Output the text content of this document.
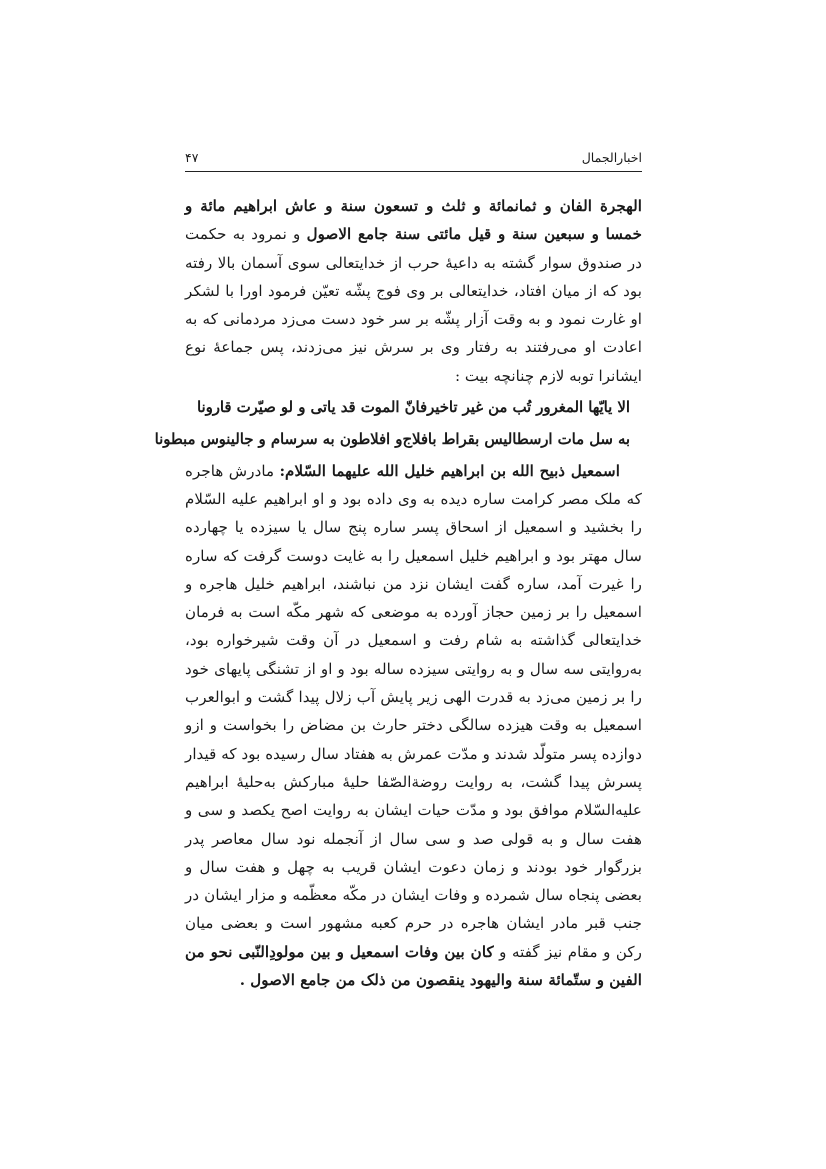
اخبارالجمال
۴۷

الهجرة الفان و ثمانمائة و ثلث و تسعون سنة و عاش ابراهیم مائة و خمسا و سبعین سنة و قیل مائتی سنة جامع الاصول و نمرود به حکمت در صندوق سوار گشته به داعیهٔ حرب از خدایتعالی سوی آسمان بالا رفته بود که از میان افتاد، خدایتعالی بر وی فوج پشّه تعیّن فرمود اورا با لشکر او غارت نمود و به وقت آزار پشّه بر سر خود دست می‌زد مردمانی که به اعادت او می‌رفتند به رفتار وی بر سرش نیز می‌زدند، پس جماعهٔ نوع ایشانرا توبه لازم چنانچه بیت :

الا یایّها المغرور تُب من غیر تاخیر
فانّ الموت قد یاتی و لو صیّرت قارونا
به سل مات ارسطالیس بقراط بافلاج
و افلاطون به سرسام و جالینوس مبطونا

اسمعیل ذبیح الله بن ابراهیم خلیل الله علیهما السّلام: مادرش هاجره که ملک مصر کرامت ساره دیده به وی داده بود و او ابراهیم علیه السّلام را بخشید و اسمعیل از اسحاق پسر ساره پنج سال یا سیزده یا چهارده سال مهتر بود و ابراهیم خلیل اسمعیل را به غایت دوست گرفت که ساره را غیرت آمد، ساره گفت ایشان نزد من نباشند، ابراهیم خلیل هاجره و اسمعیل را بر زمین حجاز آورده به موضعی که شهر مکّه است به فرمان خدایتعالی گذاشته به شام رفت و اسمعیل در آن وقت شیرخواره بود، به‌روایتی سه سال و به روایتی سیزده ساله بود و او از تشنگی پایهای خود را بر زمین می‌زد به قدرت الهی زیر پایش آب زلال پیدا گشت و ابوالعرب اسمعیل به وقت هیزده سالگی دختر حارث بن مضاض را بخواست و ازو دوازده پسر متولّد شدند و مدّت عمرش به هفتاد سال رسیده بود که قیدار پسرش پیدا گشت، به روایت روضةالصّفا حلیهٔ مبارکش به‌حلیهٔ ابراهیم علیه‌السّلام موافق بود و مدّت حیات ایشان به روایت اصح یکصد و سی و هفت سال و به قولی صد و سی سال از آنجمله نود سال معاصر پدر بزرگوار خود بودند و زمان دعوت ایشان قریب به چهل و هفت سال و بعضی پنجاه سال شمرده و وفات ایشان در مکّه معظّمه و مزار ایشان در جنب قبر مادر ایشان هاجره در حرم کعبه مشهور است و بعضی میان رکن و مقام نیز گفته و کان بین وفات اسمعیل و بین مولودِالنّبی نحو من الفین و ستّمائة سنة والیهود ینقصون من ذلک من جامع الاصول .
